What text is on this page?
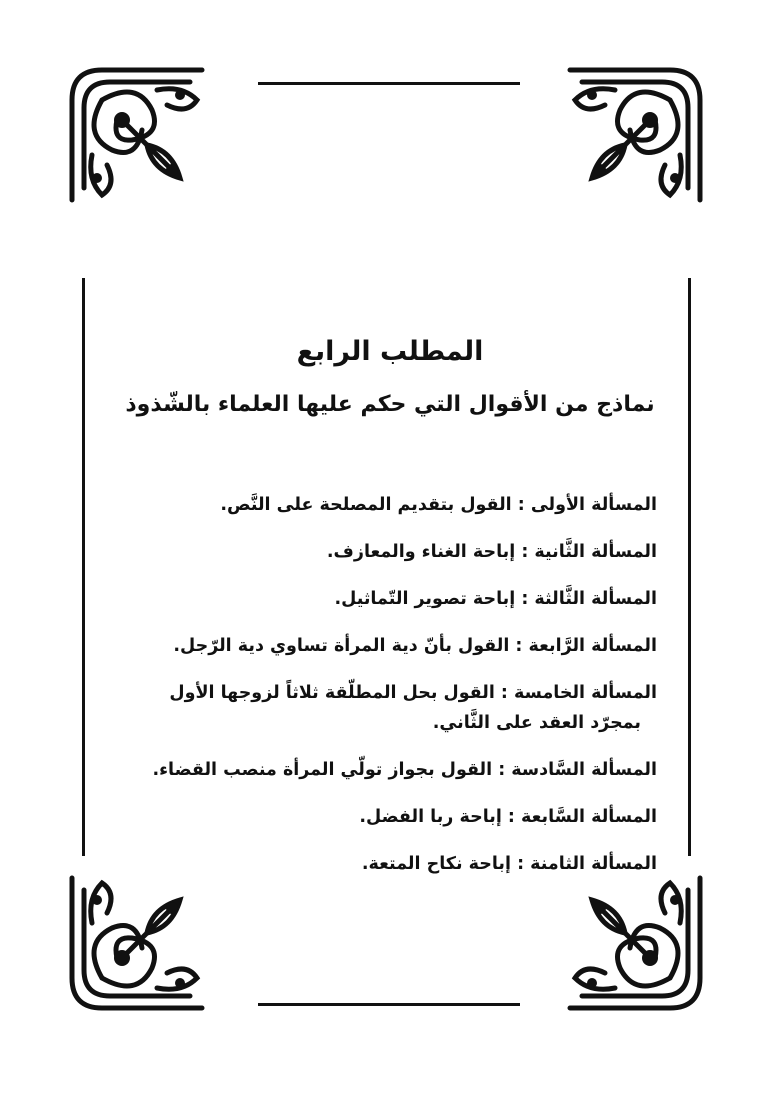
المطلب الرابع
نماذج من الأقوال التي حكم عليها العلماء بالشّذوذ
المسألة الأولى : القول بتقديم المصلحة على النَّص.
المسألة الثَّانية : إباحة الغناء والمعازف.
المسألة الثَّالثة : إباحة تصوير التّماثيل.
المسألة الرَّابعة : القول بأنّ دية المرأة تساوي دية الرّجل.
المسألة الخامسة : القول بحل المطلّقة ثلاثاً لزوجها الأول
بمجرّد العقد على الثَّاني.
المسألة السَّادسة : القول بجواز تولّي المرأة منصب القضاء.
المسألة السَّابعة : إباحة ربا الفضل.
المسألة الثامنة : إباحة نكاح المتعة.
